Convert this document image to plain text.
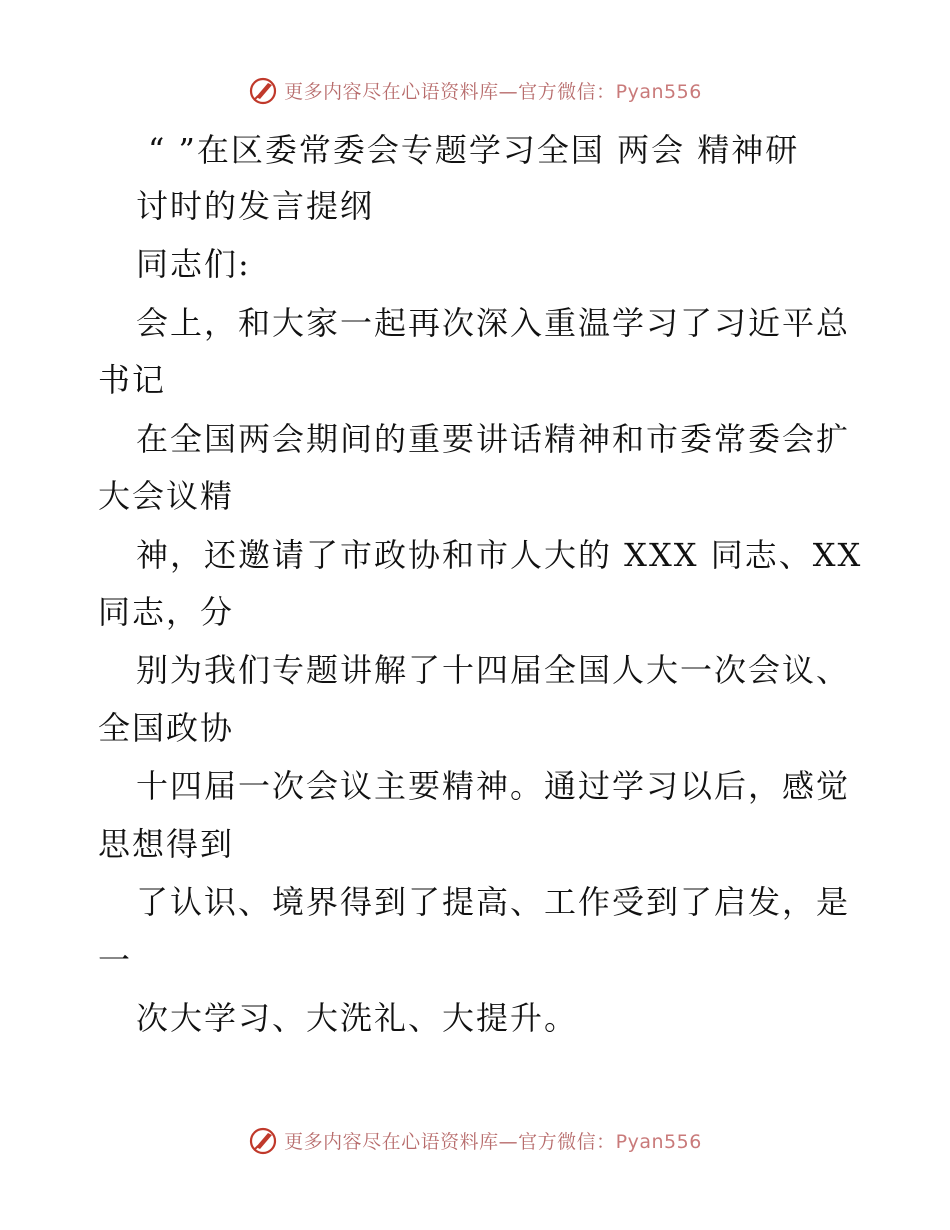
更多内容尽在心语资料库—官方微信：Pyan556
“ ”在区委常委会专题学习全国 两会 精神研
讨时的发言提纲
同志们:
会上，和大家一起再次深入重温学习了习近平总
书记
在全国两会期间的重要讲话精神和市委常委会扩
大会议精
神，还邀请了市政协和市人大的 XXX 同志、XX
同志，分
别为我们专题讲解了十四届全国人大一次会议、
全国政协
十四届一次会议主要精神。通过学习以后，感觉
思想得到
了认识、境界得到了提高、工作受到了启发，是
一
次大学习、大洗礼、大提升。
更多内容尽在心语资料库—官方微信：Pyan556
